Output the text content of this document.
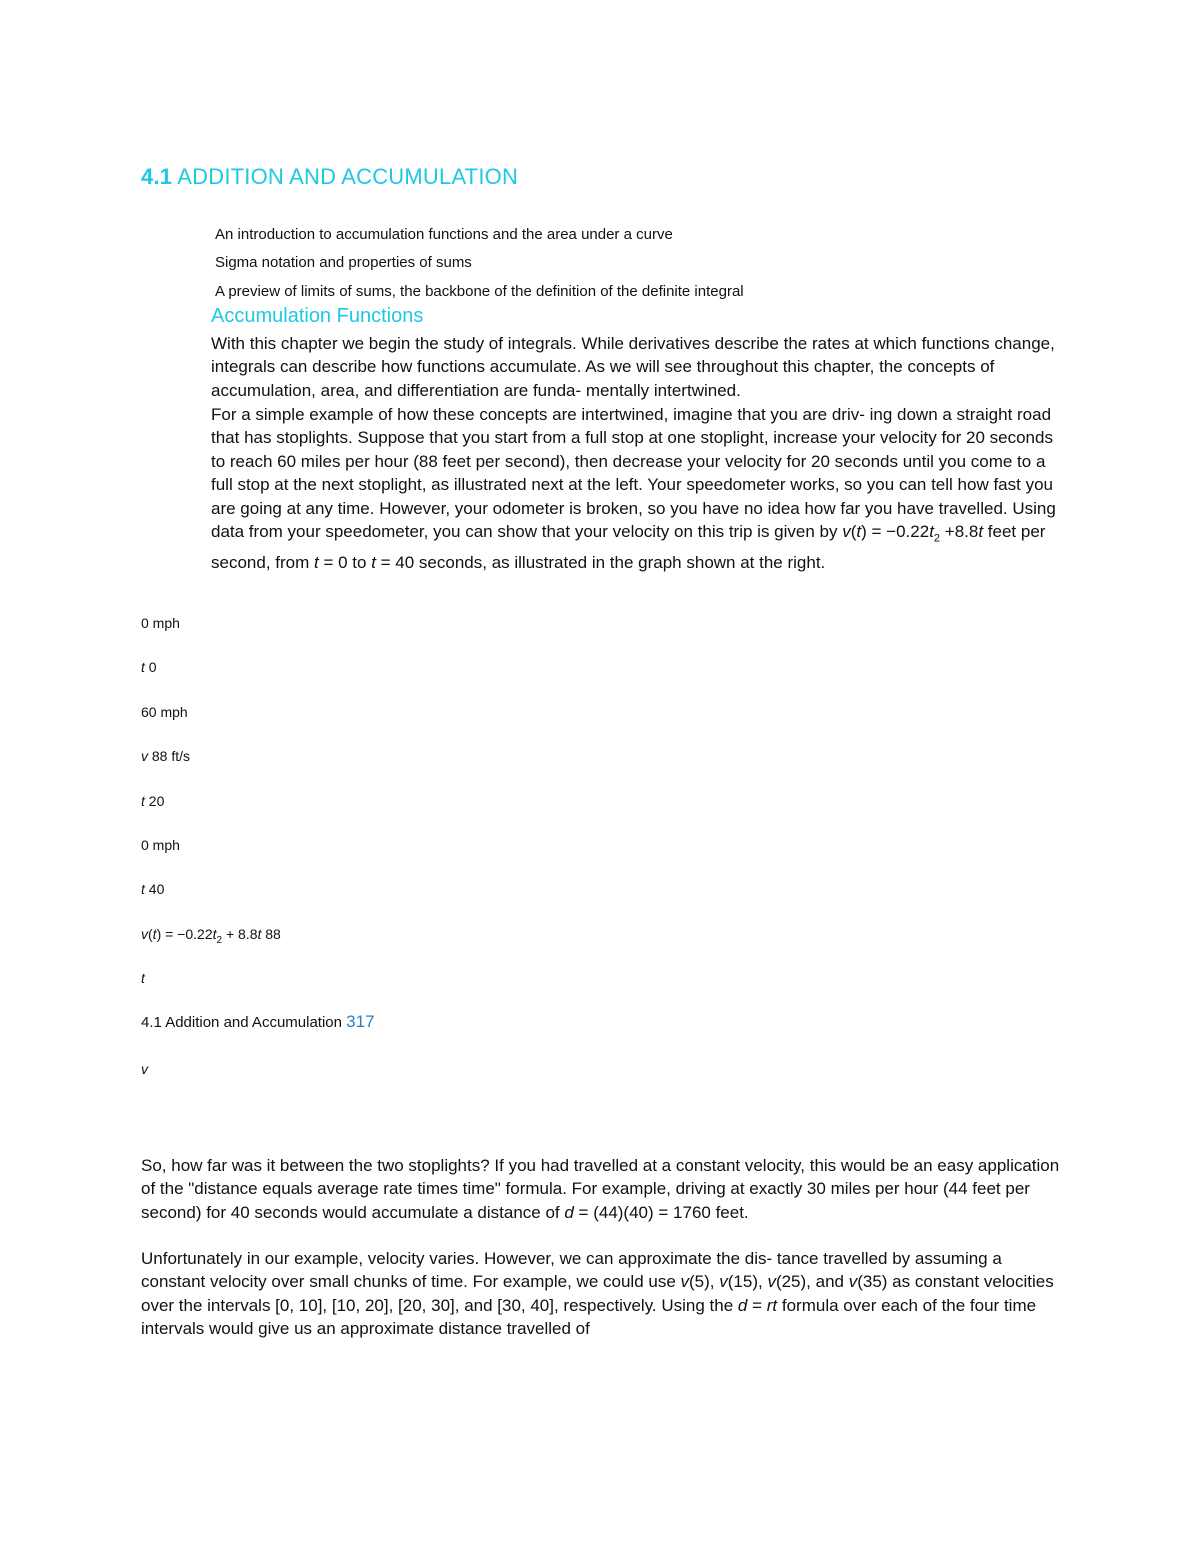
4.1 ADDITION AND ACCUMULATION
An introduction to accumulation functions and the area under a curve
Sigma notation and properties of sums
A preview of limits of sums, the backbone of the definition of the definite integral
Accumulation Functions
With this chapter we begin the study of integrals. While derivatives describe the rates at which functions change, integrals can describe how functions accumulate. As we will see throughout this chapter, the concepts of accumulation, area, and differentiation are funda- mentally intertwined.
For a simple example of how these concepts are intertwined, imagine that you are driv- ing down a straight road that has stoplights. Suppose that you start from a full stop at one stoplight, increase your velocity for 20 seconds to reach 60 miles per hour (88 feet per second), then decrease your velocity for 20 seconds until you come to a full stop at the next stoplight, as illustrated next at the left. Your speedometer works, so you can tell how fast you are going at any time. However, your odometer is broken, so you have no idea how far you have travelled. Using data from your speedometer, you can show that your velocity on this trip is given by $v(t) = -0.22t_2 +8.8t$ feet per second, from t = 0 to t = 40 seconds, as illustrated in the graph shown at the right.
0 mph
t 0
60 mph
v 88 ft/s
t 20
0 mph
t 40
$v(t) = -0.22t_2 + 8.8t$ 88
t
4.1 Addition and Accumulation 317
v
So, how far was it between the two stoplights? If you had travelled at a constant velocity, this would be an easy application of the "distance equals average rate times time" formula. For example, driving at exactly 30 miles per hour (44 feet per second) for 40 seconds would accumulate a distance of d = (44)(40) = 1760 feet.
Unfortunately in our example, velocity varies. However, we can approximate the dis- tance travelled by assuming a constant velocity over small chunks of time. For example, we could use v(5), v(15), v(25), and v(35) as constant velocities over the intervals [0, 10], [10, 20], [20, 30], and [30, 40], respectively. Using the d = rt formula over each of the four time intervals would give us an approximate distance travelled of
